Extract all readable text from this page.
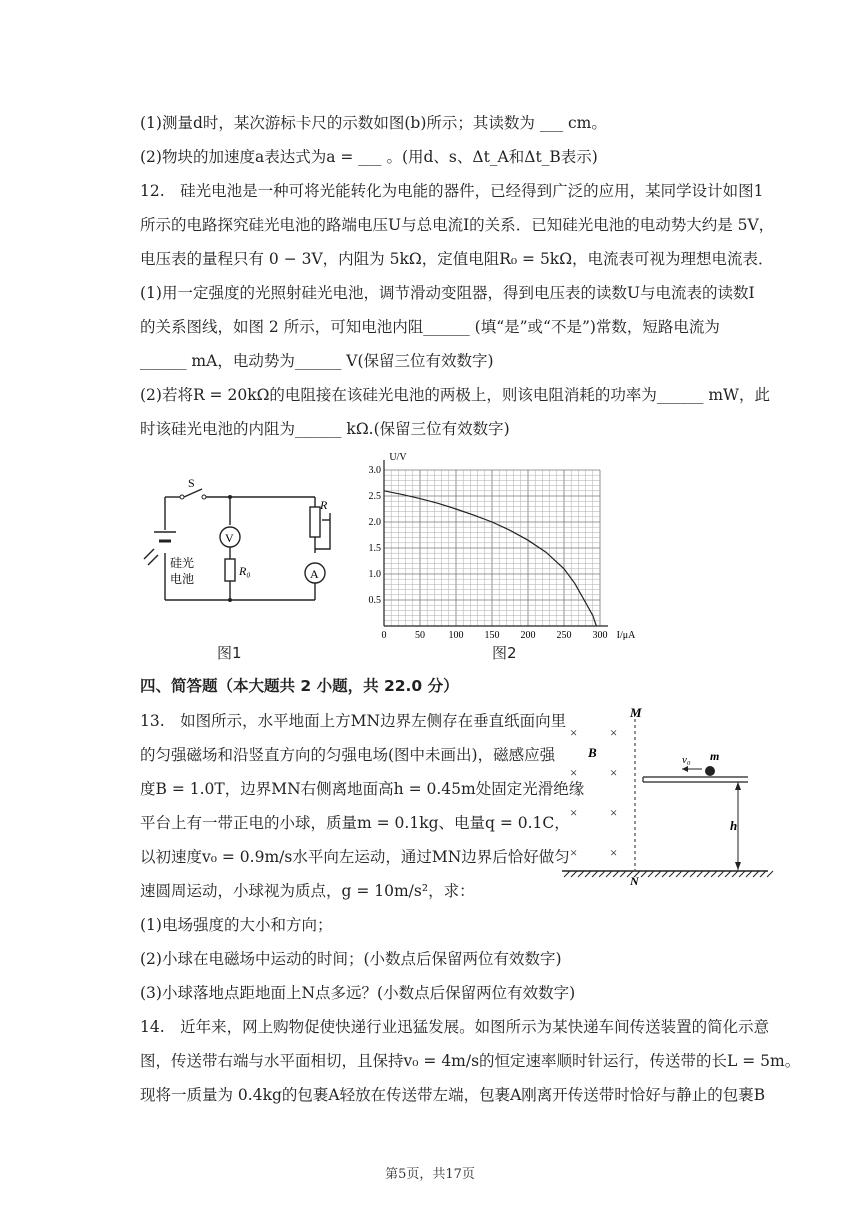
(1)测量d时，某次游标卡尺的示数如图(b)所示；其读数为 ___ cm。
(2)物块的加速度a表达式为a = ___ 。(用d、s、Δt_A和Δt_B表示)
12.　硅光电池是一种可将光能转化为电能的器件，已经得到广泛的应用，某同学设计如图1
所示的电路探究硅光电池的路端电压U与总电流I的关系．已知硅光电池的电动势大约是 5V，
电压表的量程只有 0 − 3V，内阻为 5kΩ，定值电阻R₀ = 5kΩ，电流表可视为理想电流表．
(1)用一定强度的光照射硅光电池，调节滑动变阻器，得到电压表的读数U与电流表的读数I
的关系图线，如图 2 所示，可知电池内阻______ (填“是”或“不是”)常数，短路电流为
______ mA，电动势为______ V(保留三位有效数字)
(2)若将R = 20kΩ的电阻接在该硅光电池的两极上，则该电阻消耗的功率为______ mW，此
时该硅光电池的内阻为______ kΩ.(保留三位有效数字)
S
V
R₀
R
A
硅光
电池
图1
0	50 100 150 200 250 300
0.5
1.0
1.5
2.0
2.5
3.0
U/V
I/μA
图2
四、简答题（本大题共 2 小题，共 22.0 分）
13.　如图所示，水平地面上方MN边界左侧存在垂直纸面向里
的匀强磁场和沿竖直方向的匀强电场(图中未画出)，磁感应强
度B = 1.0T，边界MN右侧离地面高h = 0.45m处固定光滑绝缘
平台上有一带正电的小球，质量m = 0.1kg、电量q = 0.1C，
以初速度v₀ = 0.9m/s水平向左运动，通过MN边界后恰好做匀
速圆周运动，小球视为质点，g = 10m/s²，求：
×	×
×	×
×	×
×	×
B
M
N
v₀ m
h
(1)电场强度的大小和方向；
(2)小球在电磁场中运动的时间；(小数点后保留两位有效数字)
(3)小球落地点距地面上N点多远？(小数点后保留两位有效数字)
14.　近年来，网上购物促使快递行业迅猛发展。如图所示为某快递车间传送装置的简化示意
图，传送带右端与水平面相切，且保持v₀ = 4m/s的恒定速率顺时针运行，传送带的长L = 5m。
现将一质量为 0.4kg的包裹A轻放在传送带左端，包裹A刚离开传送带时恰好与静止的包裹B
第5页，共17页
